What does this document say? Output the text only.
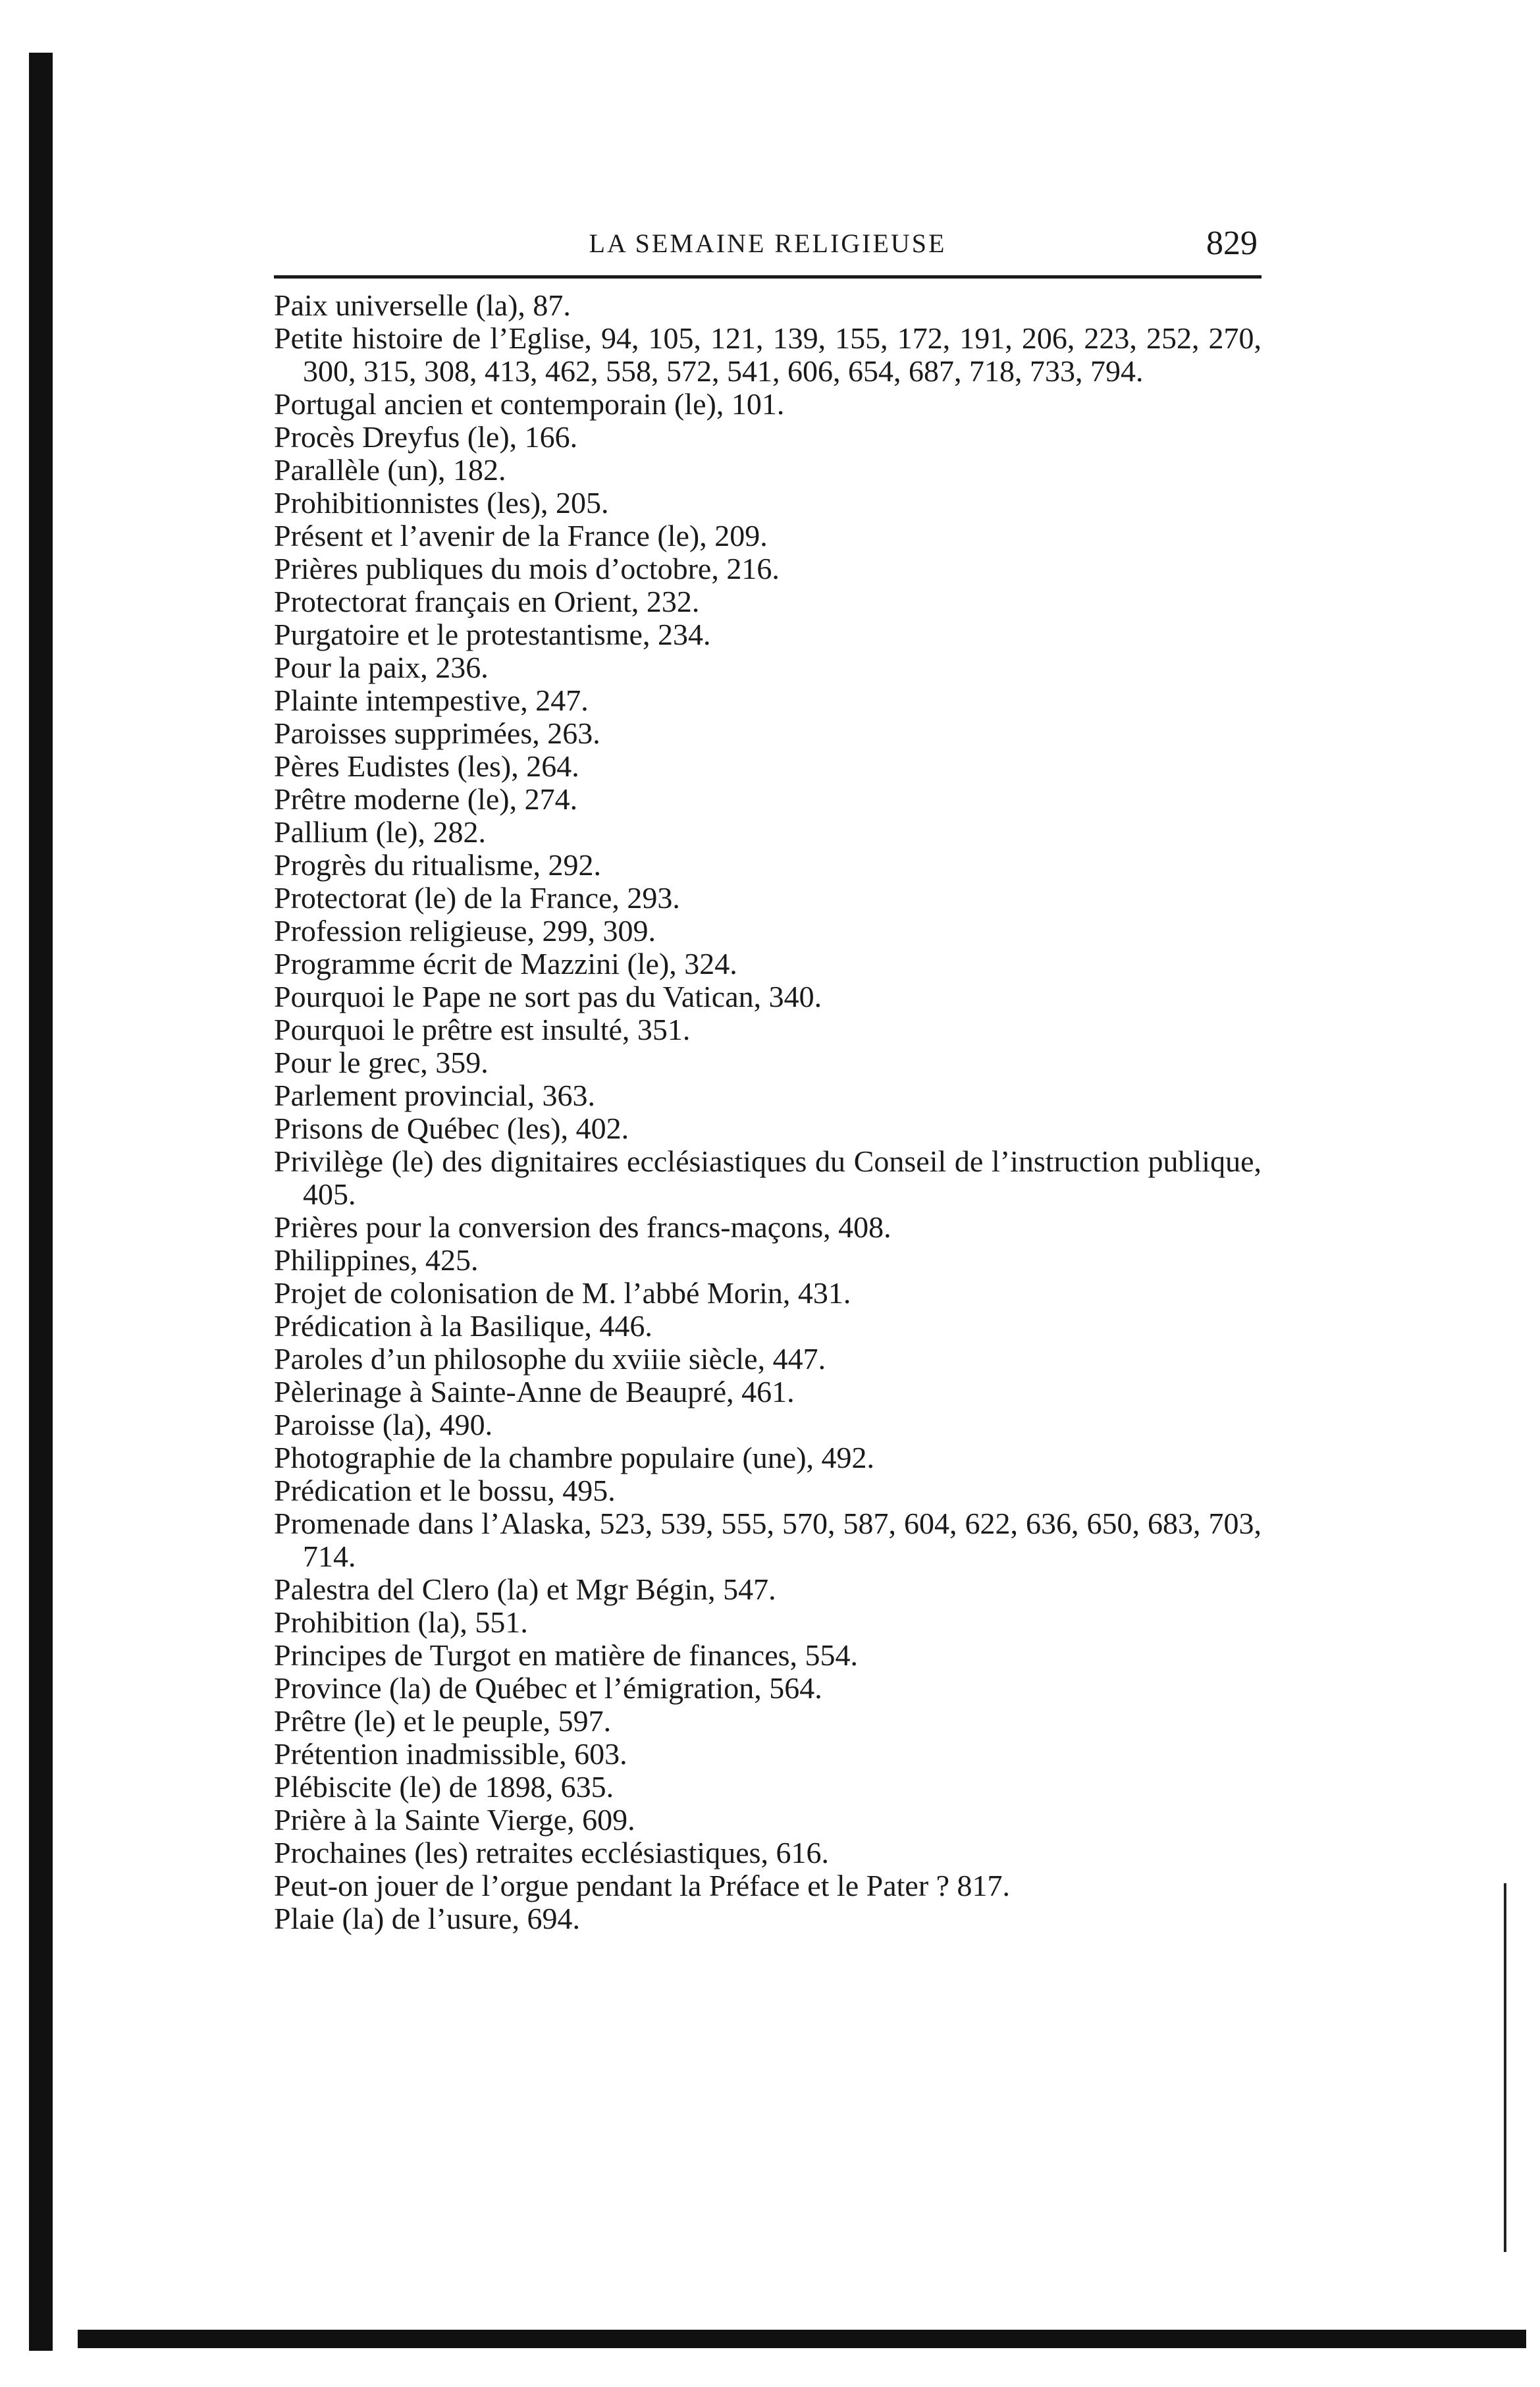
LA SEMAINE RELIGIEUSE	829
Paix universelle (la), 87.
Petite histoire de l’Eglise, 94, 105, 121, 139, 155, 172, 191, 206, 223, 252, 270, 300, 315, 308, 413, 462, 558, 572, 541, 606, 654, 687, 718, 733, 794.
Portugal ancien et contemporain (le), 101.
Procès Dreyfus (le), 166.
Parallèle (un), 182.
Prohibitionnistes (les), 205.
Présent et l’avenir de la France (le), 209.
Prières publiques du mois d’octobre, 216.
Protectorat français en Orient, 232.
Purgatoire et le protestantisme, 234.
Pour la paix, 236.
Plainte intempestive, 247.
Paroisses supprimées, 263.
Pères Eudistes (les), 264.
Prêtre moderne (le), 274.
Pallium (le), 282.
Progrès du ritualisme, 292.
Protectorat (le) de la France, 293.
Profession religieuse, 299, 309.
Programme écrit de Mazzini (le), 324.
Pourquoi le Pape ne sort pas du Vatican, 340.
Pourquoi le prêtre est insulté, 351.
Pour le grec, 359.
Parlement provincial, 363.
Prisons de Québec (les), 402.
Privilège (le) des dignitaires ecclésiastiques du Conseil de l’instruction publique, 405.
Prières pour la conversion des francs-maçons, 408.
Philippines, 425.
Projet de colonisation de M. l’abbé Morin, 431.
Prédication à la Basilique, 446.
Paroles d’un philosophe du xviiie siècle, 447.
Pèlerinage à Sainte-Anne de Beaupré, 461.
Paroisse (la), 490.
Photographie de la chambre populaire (une), 492.
Prédication et le bossu, 495.
Promenade dans l’Alaska, 523, 539, 555, 570, 587, 604, 622, 636, 650, 683, 703, 714.
Palestra del Clero (la) et Mgr Bégin, 547.
Prohibition (la), 551.
Principes de Turgot en matière de finances, 554.
Province (la) de Québec et l’émigration, 564.
Prêtre (le) et le peuple, 597.
Prétention inadmissible, 603.
Plébiscite (le) de 1898, 635.
Prière à la Sainte Vierge, 609.
Prochaines (les) retraites ecclésiastiques, 616.
Peut-on jouer de l’orgue pendant la Préface et le Pater ? 817.
Plaie (la) de l’usure, 694.
